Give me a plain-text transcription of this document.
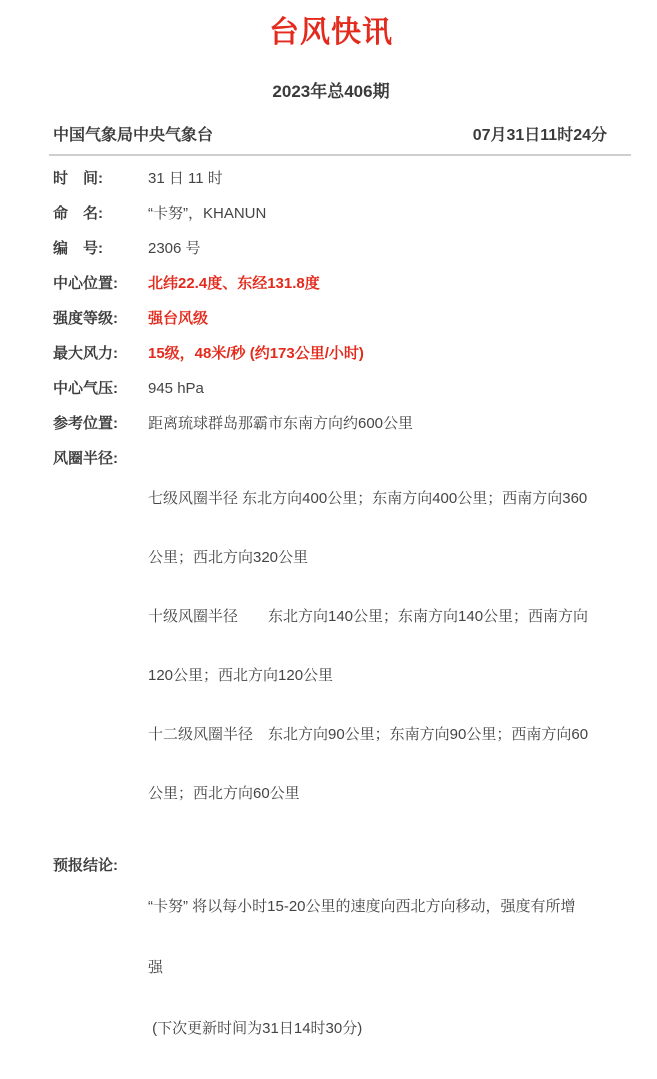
台风快讯
2023年总406期
中国气象局中央气象台	07月31日11时24分
时　间:	31 日 11 时
命　名:	“卡努”，KHANUN
编　号:	2306 号
中心位置:	北纬22.4度、东经131.8度
强度等级:	强台风级
最大风力:	15级，48米/秒 (约173公里/小时)
中心气压:	945 hPa
参考位置:	距离琉球群岛那霸市东南方向约600公里
风圈半径:

七级风圈半径 东北方向400公里；东南方向400公里；西南方向360

公里；西北方向320公里

十级风圈半径　　东北方向140公里；东南方向140公里；西南方向

120公里；西北方向120公里

十二级风圈半径　东北方向90公里；东南方向90公里；西南方向60

公里；西北方向60公里

预报结论:

“卡努” 将以每小时15-20公里的速度向西北方向移动，强度有所增

强

(下次更新时间为31日14时30分)
